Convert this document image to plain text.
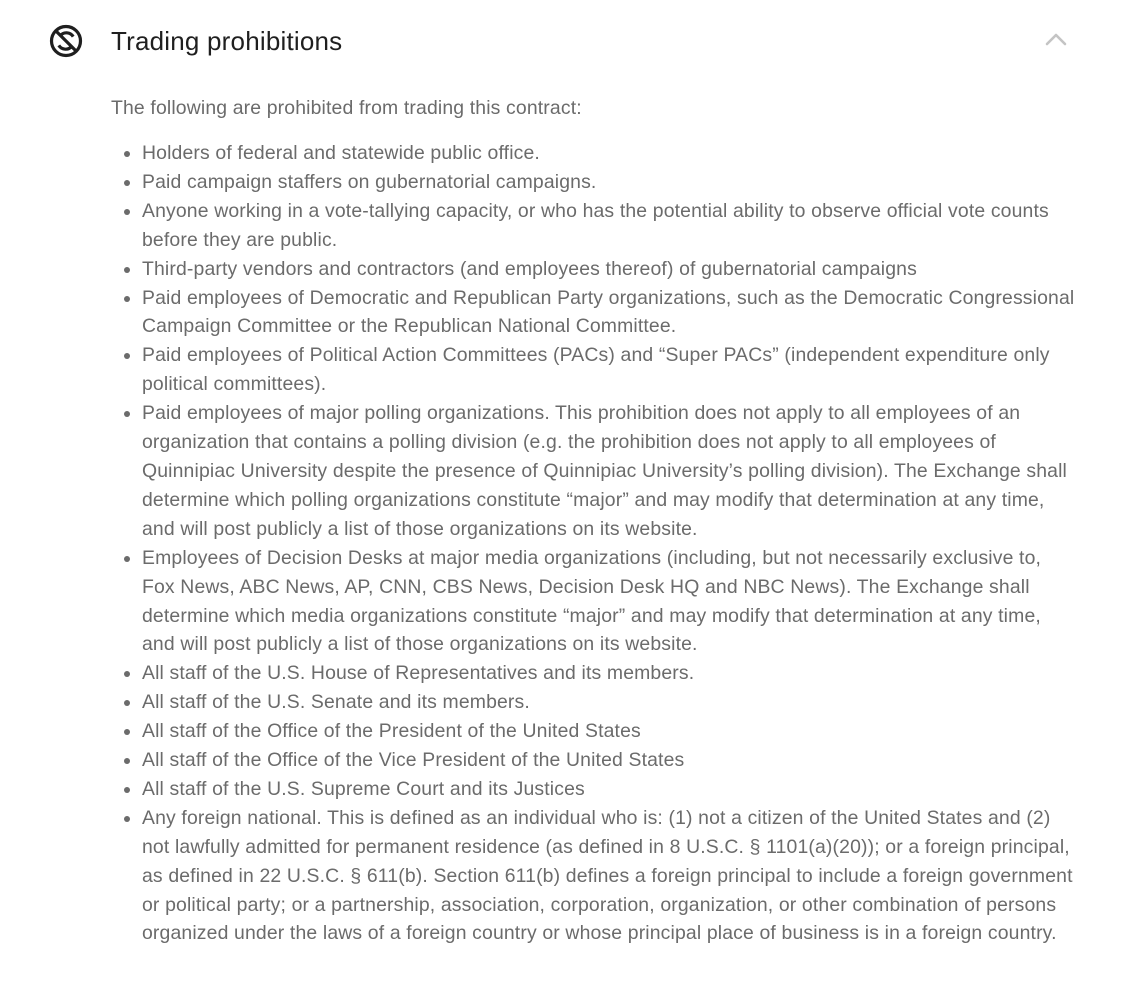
Trading prohibitions

The following are prohibited from trading this contract:

Holders of federal and statewide public office.
Paid campaign staffers on gubernatorial campaigns.
Anyone working in a vote-tallying capacity, or who has the potential ability to observe official vote counts before they are public.
Third-party vendors and contractors (and employees thereof) of gubernatorial campaigns
Paid employees of Democratic and Republican Party organizations, such as the Democratic Congressional Campaign Committee or the Republican National Committee.
Paid employees of Political Action Committees (PACs) and “Super PACs” (independent expenditure only political committees).
Paid employees of major polling organizations. This prohibition does not apply to all employees of an organization that contains a polling division (e.g. the prohibition does not apply to all employees of Quinnipiac University despite the presence of Quinnipiac University’s polling division). The Exchange shall determine which polling organizations constitute “major” and may modify that determination at any time, and will post publicly a list of those organizations on its website.
Employees of Decision Desks at major media organizations (including, but not necessarily exclusive to, Fox News, ABC News, AP, CNN, CBS News, Decision Desk HQ and NBC News). The Exchange shall determine which media organizations constitute “major” and may modify that determination at any time, and will post publicly a list of those organizations on its website.
All staff of the U.S. House of Representatives and its members.
All staff of the U.S. Senate and its members.
All staff of the Office of the President of the United States
All staff of the Office of the Vice President of the United States
All staff of the U.S. Supreme Court and its Justices
Any foreign national. This is defined as an individual who is: (1) not a citizen of the United States and (2) not lawfully admitted for permanent residence (as defined in 8 U.S.C. § 1101(a)(20)); or a foreign principal, as defined in 22 U.S.C. § 611(b). Section 611(b) defines a foreign principal to include a foreign government or political party; or a partnership, association, corporation, organization, or other combination of persons organized under the laws of a foreign country or whose principal place of business is in a foreign country.
